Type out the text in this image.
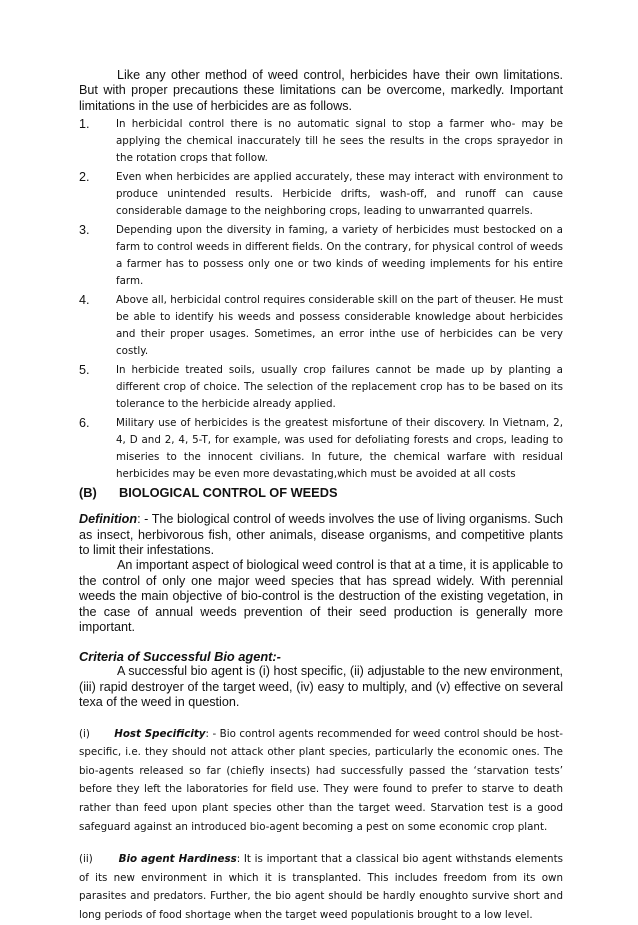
Like any other method of weed control, herbicides have their own limitations. But with proper precautions these limitations can be overcome, markedly. Important limitations in the use of herbicides are as follows.

1.	In herbicidal control there is no automatic signal to stop a farmer who- may be applying the chemical inaccurately till he sees the results in the crops sprayedor in the rotation crops that follow.
2.	Even when herbicides are applied accurately, these may interact with environment to produce unintended results. Herbicide drifts, wash-off, and runoff can cause considerable damage to the neighboring crops, leading to unwarranted quarrels.
3.	Depending upon the diversity in faming, a variety of herbicides must bestocked on a farm to control weeds in different fields. On the contrary, for physical control of weeds a farmer has to possess only one or two kinds of weeding implements for his entire farm.
4.	Above all, herbicidal control requires considerable skill on the part of theuser. He must be able to identify his weeds and possess considerable knowledge about herbicides and their proper usages. Sometimes, an error inthe use of herbicides can be very costly.
5.	In herbicide treated soils, usually crop failures cannot be made up by planting a different crop of choice. The selection of the replacement crop has to be based on its tolerance to the herbicide already applied.
6.	Military use of herbicides is the greatest misfortune of their discovery. In Vietnam, 2, 4, D and 2, 4, 5-T, for example, was used for defoliating forests and crops, leading to miseries to the innocent civilians. In future, the chemical warfare with residual herbicides may be even more devastating,which must be avoided at all costs
(B)	BIOLOGICAL CONTROL OF WEEDS

Definition: - The biological control of weeds involves the use of living organisms. Such as insect, herbivorous fish, other animals, disease organisms, and competitive plants to limit their infestations.

An important aspect of biological weed control is that at a time, it is applicable to the control of only one major weed species that has spread widely. With perennial weeds the main objective of bio-control is the destruction of the existing vegetation, in the case of annual weeds prevention of their seed production is generally more important.

Criteria of Successful Bio agent:-

A successful bio agent is (i) host specific, (ii) adjustable to the new environment, (iii) rapid destroyer of the target weed, (iv) easy to multiply, and (v) effective on several texa of the weed in question.

(i) Host Specificity: - Bio control agents recommended for weed control should be host-specific, i.e. they should not attack other plant species, particularly the economic ones. The bio-agents released so far (chiefly insects) had successfully passed the ‘starvation tests’ before they left the laboratories for field use. They were found to prefer to starve to death rather than feed upon plant species other than the target weed. Starvation test is a good safeguard against an introduced bio-agent becoming a pest on some economic crop plant.

(ii)	Bio agent Hardiness: It is important that a classical bio agent withstands elements of its new environment in which it is transplanted. This includes freedom from its own parasites and predators. Further, the bio agent should be hardly enoughto survive short and long periods of food shortage when the target weed populationis brought to a low level.
